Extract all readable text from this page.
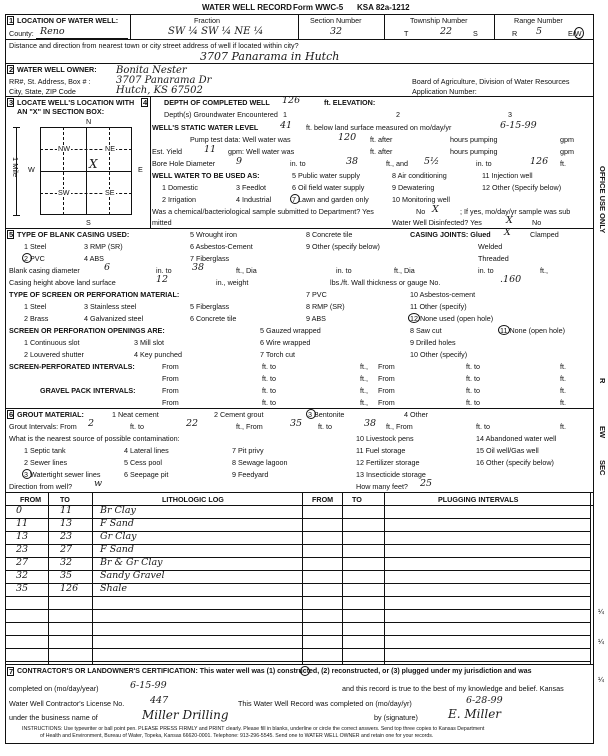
WATER WELL RECORD Form WWC-5 KSA 82a-1212
1 LOCATION OF WATER WELL:
County: Reno
Fraction
SW ¼ SW ¼ NE ¼
Section Number
32
Township Number
T	22	S
Range Number
R 5	E/W
Distance and direction from nearest town or city street address of well if located within city?
3707 Panarama in Hutch
2 WATER WELL OWNER: Bonita Nester
RR#, St. Address, Box # :	3707 Panarama Dr
City, State, ZIP Code	Hutch, KS 67502
Board of Agriculture, Division of Water Resources
Application Number:
3 LOCATE WELL'S LOCATION WITH
AN "X" IN SECTION BOX:
4
N
S
W	E
NW	NE
SW	SE
X
1 Mile
DEPTH OF COMPLETED WELL 126	ft. ELEVATION:
Depth(s) Groundwater Encountered 1	2	3
WELL'S STATIC WATER LEVEL 41 ft. below land surface measured on mo/day/yr	6-15-99
Pump test data: Well water was	120 ft. after	hours pumping	gpm
Est. Yield 11 gpm: Well water was	ft. after	hours pumping	gpm
Bore Hole Diameter 9	in. to	38	ft., and 5½	in. to	126 ft.
WELL WATER TO BE USED AS:
1 Domestic
2 Irrigation
3 Feedlot
4 Industrial
5 Public water supply
6 Oil field water supply
7 Lawn and garden only
8 Air conditioning
9 Dewatering
10 Monitoring well
11 Injection well
12 Other (Specify below)
Was a chemical/bacteriological sample submitted to Department? Yes	No X	; If yes, mo/day/yr sample was sub
mitted	Water Well Disinfected? Yes	X	No
5 TYPE OF BLANK CASING USED:
1 Steel
2 PVC
3 RMP (SR)
4 ABS
5 Wrought iron
6 Asbestos-Cement
7 Fiberglass
8 Concrete tile
9 Other (specify below)
CASING JOINTS: Glued X	Clamped
Welded
Threaded
Blank casing diameter	6	in. to 38	ft., Dia	in. to	ft., Dia	in. to	ft.,
Casing height above land surface	12	in., weight	lbs./ft. Wall thickness or gauge No.	.160
TYPE OF SCREEN OR PERFORATION MATERIAL:
1 Steel
2 Brass
3 Stainless steel
4 Galvanized steel
5 Fiberglass
6 Concrete tile
7 PVC
8 RMP (SR)
9 ABS
10 Asbestos-cement
11 Other (specify)
12 None used (open hole)
SCREEN OR PERFORATION OPENINGS ARE:
1 Continuous slot
2 Louvered shutter
3 Mill slot
4 Key punched
5 Gauzed wrapped
6 Wire wrapped
7 Torch cut
8 Saw cut
9 Drilled holes
10 Other (specify)
11 None (open hole)
SCREEN-PERFORATED INTERVALS:	From	ft. to	ft., From	ft. to	ft.
From	ft. to	ft., From	ft. to	ft.
GRAVEL PACK INTERVALS:	From	ft. to	ft., From	ft. to	ft.
From	ft. to	ft., From	ft. to	ft.
6 GROUT MATERIAL:	1 Neat cement	2 Cement grout	3 Bentonite	4 Other
Grout Intervals: From 2	ft. to	22	ft., From	35 ft. to	38 ft., From	ft. to	ft.
What is the nearest source of possible contamination:
1 Septic tank
2 Sewer lines
3 Watertight sewer lines
4 Lateral lines
5 Cess pool
6 Seepage pit
7 Pit privy
8 Sewage lagoon
9 Feedyard
10 Livestock pens
11 Fuel storage
12 Fertilizer storage
13 Insecticide storage
14 Abandoned water well
15 Oil well/Gas well
16 Other (specify below)
Direction from well? w	How many feet? 25
FROM	TO	LITHOLOGIC LOG	FROM	TO	PLUGGING INTERVALS
0	11	Br Clay
11	13	F Sand
13	23	Gr Clay
23	27	F Sand
27	32	Br & Gr Clay
32	35	Sandy Gravel
35	126 Shale
7 CONTRACTOR'S OR LANDOWNER'S CERTIFICATION: This water well was (1) constructed, (2) reconstructed, or (3) plugged under my jurisdiction and was
completed on (mo/day/year)	6-15-99	and this record is true to the best of my knowledge and belief. Kansas
Water Well Contractor's License No.	447	This Water Well Record was completed on (mo/day/yr)	6-28-99
under the business name of	Miller Drilling	by (signature)	E. Miller
INSTRUCTIONS: Use typewriter or ball point pen. PLEASE PRESS FIRMLY and PRINT clearly. Please fill in blanks, underline or circle the correct answers. Send top three copies to Kansas Department
of Health and Environment, Bureau of Water, Topeka, Kansas 66620-0001. Telephone: 913-296-5545. Send one to WATER WELL OWNER and retain one for your records.
OFFICE USE ONLY
R
EW
SEC
¼
¼
¼
